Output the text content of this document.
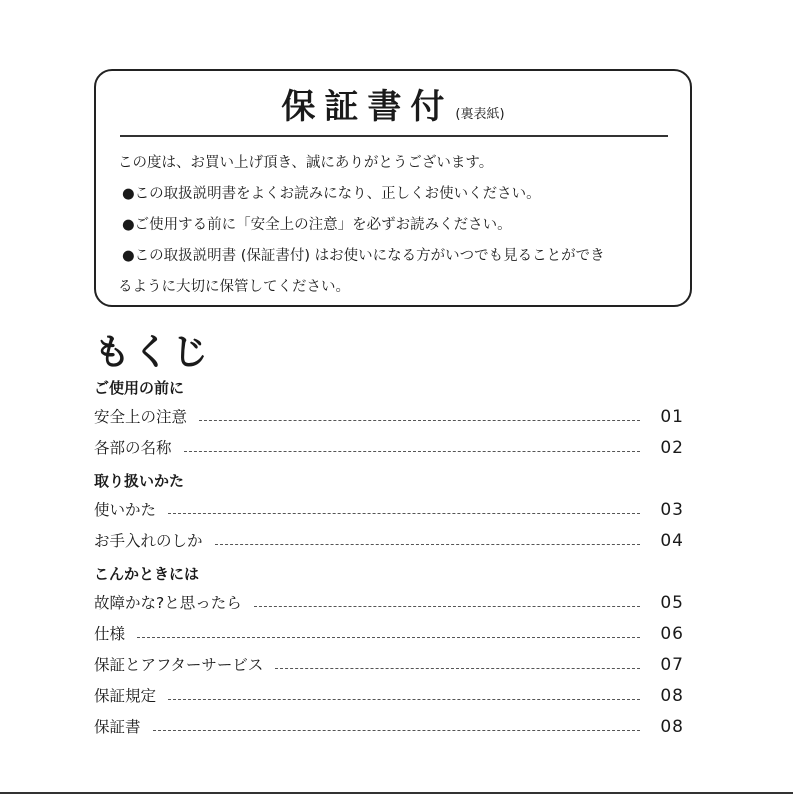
保証書付 (裏表紙)
この度は、お買い上げ頂き、誠にありがとうございます。
●この取扱説明書をよくお読みになり、正しくお使いください。
●ご使用する前に「安全上の注意」を必ずお読みください。
●この取扱説明書 (保証書付) はお使いになる方がいつでも見ることができ
るように大切に保管してください。
もくじ
ご使用の前に
安全上の注意	01
各部の名称	02
取り扱いかた
使いかた	03
お手入れのしか	04
こんかときには
故障かな?と思ったら	05
仕様	06
保証とアフターサービス	07
保証規定	08
保証書	08
